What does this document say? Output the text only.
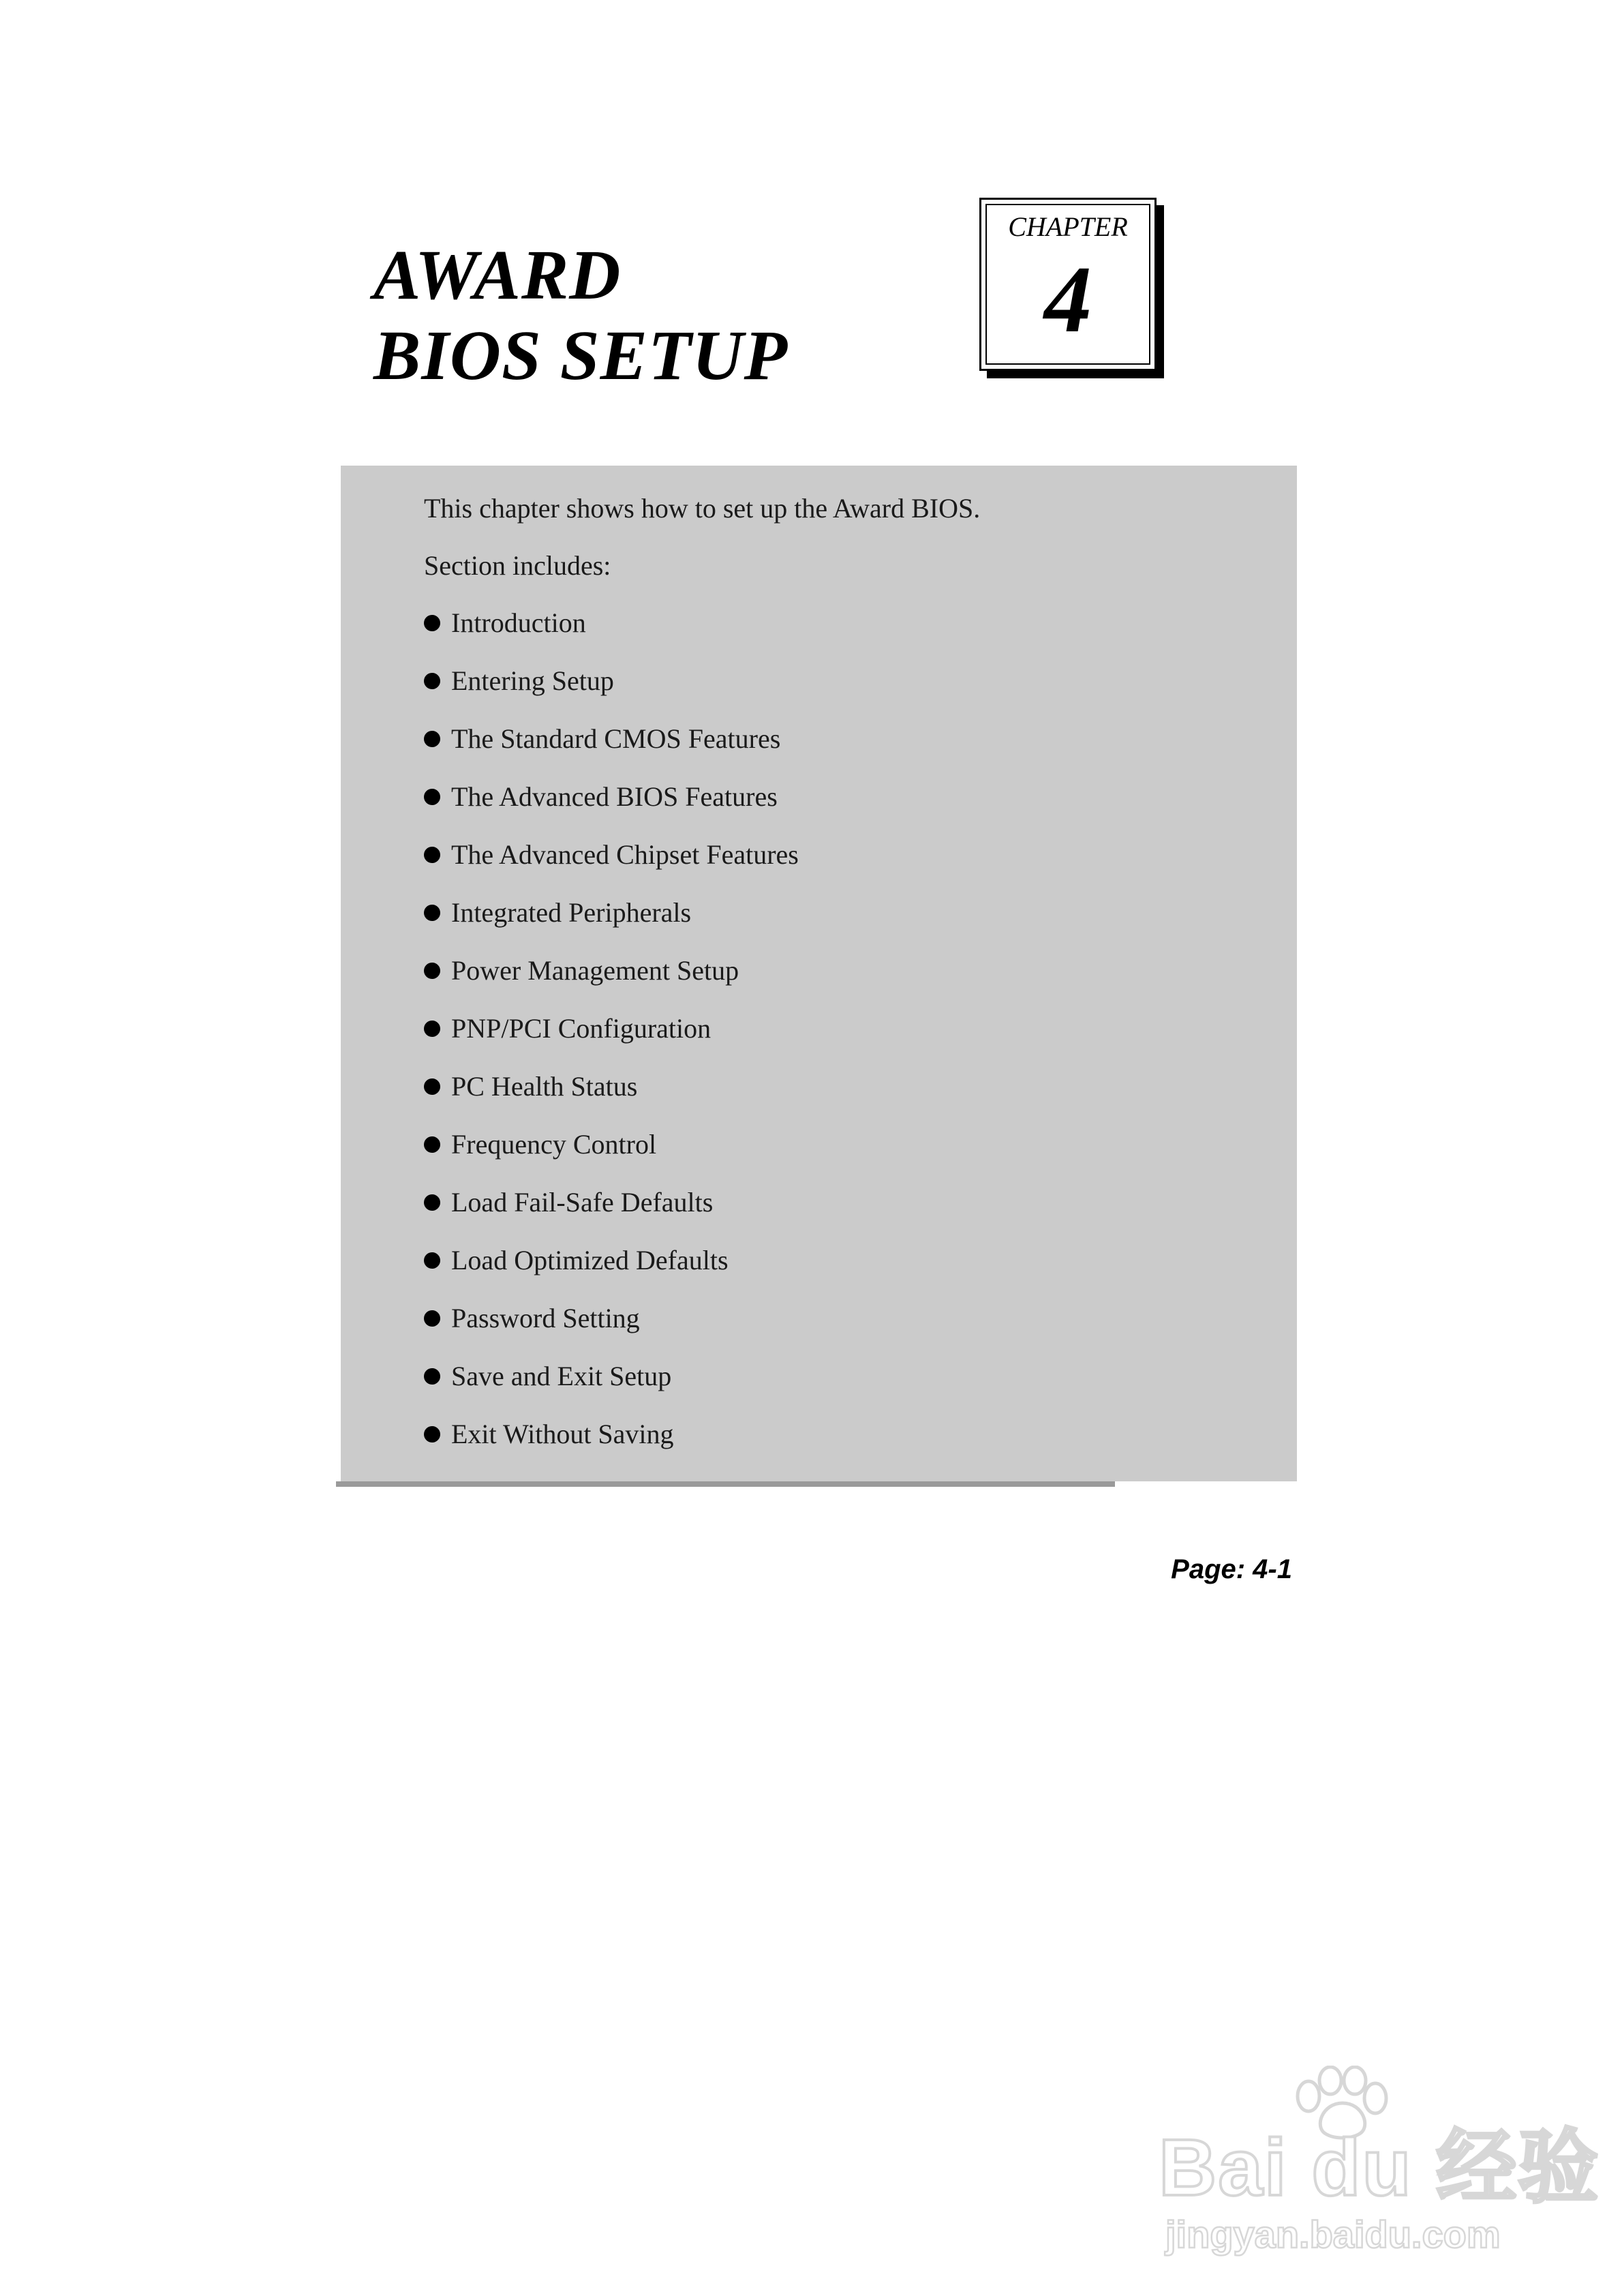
AWARD
BIOS SETUP
CHAPTER
4

This chapter shows how to set up the Award BIOS.

Section includes:

Introduction
Entering Setup
The Standard CMOS Features
The Advanced BIOS Features
The Advanced Chipset Features
Integrated Peripherals
Power Management Setup
PNP/PCI Configuration
PC Health Status
Frequency Control
Load Fail-Safe Defaults
Load Optimized Defaults
Password Setting
Save and Exit Setup
Exit Without Saving
Page: 4-1
Bai du 经验
jingyan.baidu.com
